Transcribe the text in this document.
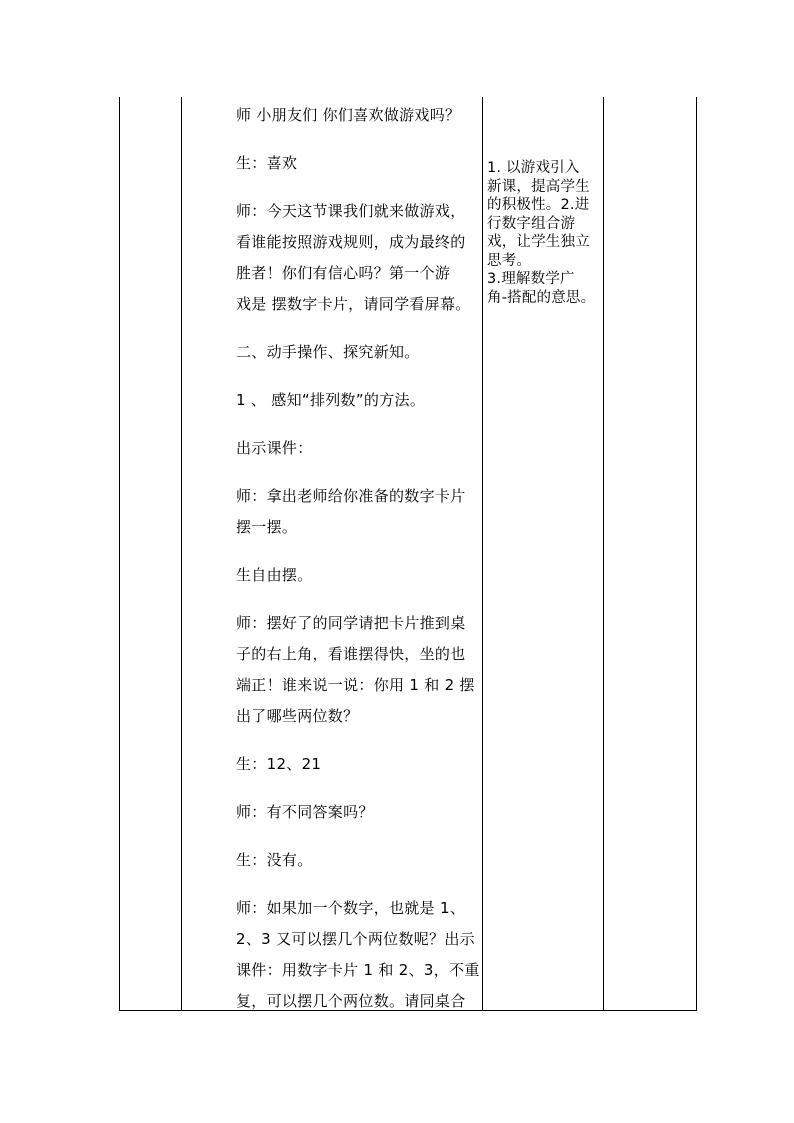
师 小朋友们 你们喜欢做游戏吗？

生：喜欢

师：今天这节课我们就来做游戏，
看谁能按照游戏规则，成为最终的
胜者！你们有信心吗？第一个游
戏是 摆数字卡片，请同学看屏幕。

二、动手操作、探究新知。

1 、 感知“排列数”的方法。

出示课件：

师：拿出老师给你准备的数字卡片
摆一摆。

生自由摆。

师：摆好了的同学请把卡片推到桌
子的右上角，看谁摆得快，坐的也
端正！谁来说一说：你用 1 和 2 摆
出了哪些两位数？

生：12、21

师：有不同答案吗？

生：没有。

师：如果加一个数字，也就是 1、
2、3 又可以摆几个两位数呢？出示
课件：用数字卡片 1 和 2、3，不重
复，可以摆几个两位数。请同桌合

1. 以游戏引入
新课，提高学生
的积极性。2.进
行数字组合游
戏，让学生独立
思考。
3.理解数学广
角-搭配的意思。
